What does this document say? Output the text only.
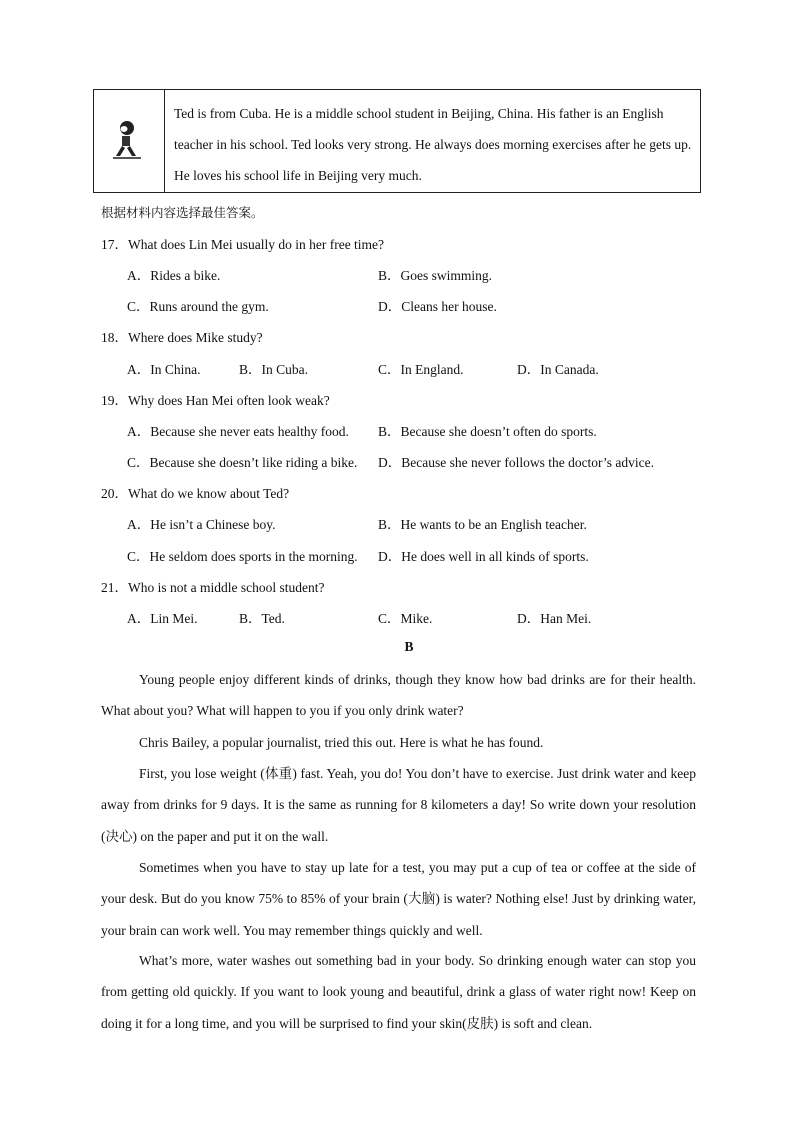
Ted is from Cuba. He is a middle school student in Beijing, China. His father is an English teacher in his school. Ted looks very strong. He always does morning exercises after he gets up. He loves his school life in Beijing very much.
根据材料内容选择最佳答案。
17．What does Lin Mei usually do in her free time?
A．Rides a bike.	B．Goes swimming.
C．Runs around the gym.	D．Cleans her house.
18．Where does Mike study?
A．In China.	B．In Cuba.	C．In England.	D．In Canada.
19．Why does Han Mei often look weak?
A．Because she never eats healthy food. B．Because she doesn’t often do sports.
C．Because she doesn’t like riding a bike. D．Because she never follows the doctor’s advice.
20．What do we know about Ted?
A．He isn’t a Chinese boy.	B．He wants to be an English teacher.
C．He seldom does sports in the morning. D．He does well in all kinds of sports.
21．Who is not a middle school student?
A．Lin Mei.	B．Ted.	C．Mike.	D．Han Mei.
B
Young people enjoy different kinds of drinks, though they know how bad drinks are for their health. What about you? What will happen to you if you only drink water?
Chris Bailey, a popular journalist, tried this out. Here is what he has found.
First, you lose weight (体重) fast. Yeah, you do! You don’t have to exercise. Just drink water and keep away from drinks for 9 days. It is the same as running for 8 kilometers a day! So write down your resolution (决心) on the paper and put it on the wall.
Sometimes when you have to stay up late for a test, you may put a cup of tea or coffee at the side of your desk. But do you know 75% to 85% of your brain (大脑) is water? Nothing else! Just by drinking water, your brain can work well. You may remember things quickly and well.
What’s more, water washes out something bad in your body. So drinking enough water can stop you from getting old quickly. If you want to look young and beautiful, drink a glass of water right now! Keep on doing it for a long time, and you will be surprised to find your skin(皮肤) is soft and clean.
